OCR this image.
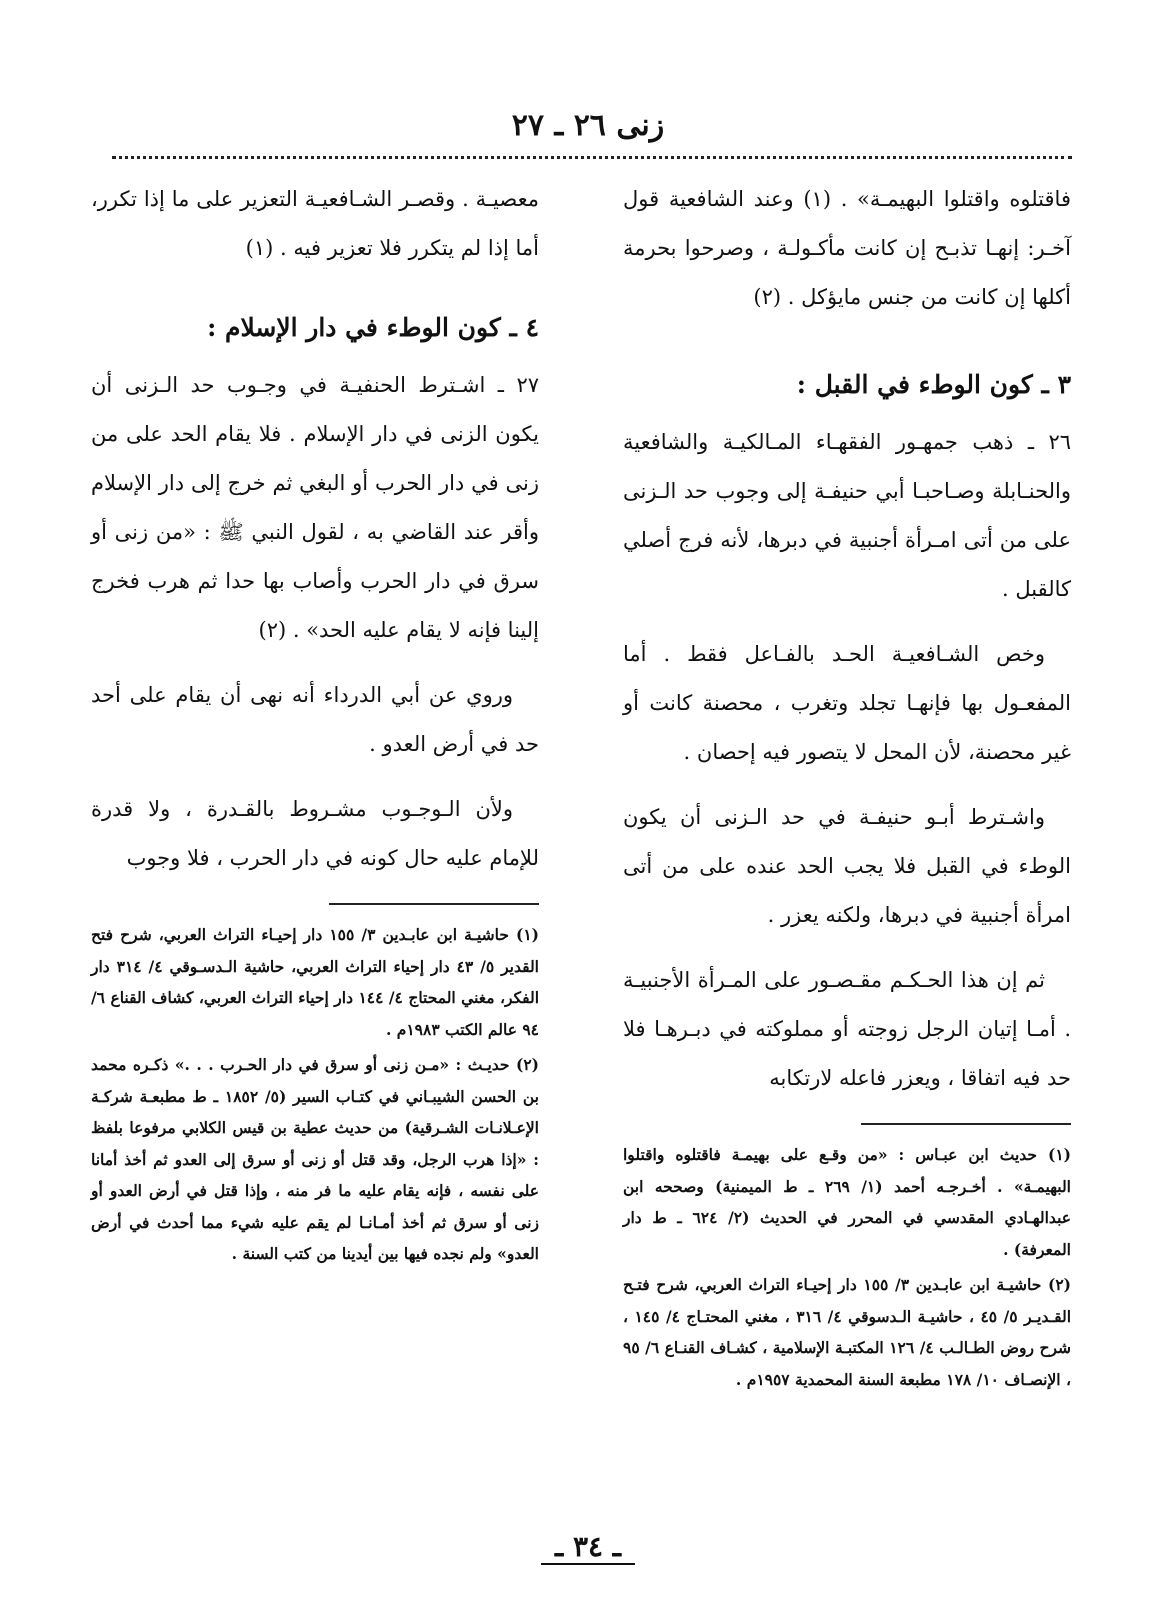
زنى ٢٦ ـ ٢٧

فاقتلوه واقتلوا البهيمـة» . (١) وعند الشافعية قول آخـر: إنهـا تذبـح إن كانت مأكـولـة ، وصرحوا بحرمة أكلها إن كانت من جنس مايؤكل . (٢)

٣ ـ كون الوطء في القبل :

٢٦ ـ ذهب جمهـور الفقهـاء المـالكيـة والشافعية والحنـابلة وصـاحبـا أبي حنيفـة إلى وجوب حد الـزنى على من أتى امـرأة أجنبية في دبرها، لأنه فرج أصلي كالقبل .

وخص الشـافعيـة الحـد بالفـاعل فقط . أما المفعـول بها فإنهـا تجلد وتغرب ، محصنة كانت أو غير محصنة، لأن المحل لا يتصور فيه إحصان .

واشـترط أبـو حنيفـة في حد الـزنى أن يكون الوطء في القبل فلا يجب الحد عنده على من أتى امرأة أجنبية في دبرها، ولكنه يعزر .

ثم إن هذا الحـكـم مقـصـور على المـرأة الأجنبيـة . أمـا إتيان الرجل زوجته أو مملوكته في دبـرهـا فلا حد فيه اتفاقا ، ويعزر فاعله لارتكابه

(١) حديث ابن عبـاس : «من وقـع على بهيمـة فاقتلوه واقتلوا البهيمـة» . أخـرجـه أحمد (١/ ٢٦٩ ـ ط الميمنية) وصححه ابن عبدالهـادي المقدسي في المحرر في الحديث (٢/ ٦٢٤ ـ ط دار المعرفة) .

(٢) حاشيـة ابن عابـدين ٣/ ١٥٥ دار إحيـاء التراث العربي، شرح فتـح القـديـر ٥/ ٤٥ ، حاشيـة الـدسوقي ٤/ ٣١٦ ، مغني المحتـاج ٤/ ١٤٥ ، شرح روض الطـالـب ٤/ ١٢٦ المكتبـة الإسلامية ، كشـاف القنـاع ٦/ ٩٥ ، الإنصـاف ١٠/ ١٧٨ مطبعة السنة المحمدية ١٩٥٧م .

معصيـة . وقصـر الشـافعيـة التعزير على ما إذا تكرر، أما إذا لم يتكرر فلا تعزير فيه . (١)

٤ ـ كون الوطء في دار الإسلام :

٢٧ ـ اشـترط الحنفيـة في وجـوب حد الـزنى أن يكون الزنى في دار الإسلام . فلا يقام الحد على من زنى في دار الحرب أو البغي ثم خرج إلى دار الإسلام وأقر عند القاضي به ، لقول النبي ﷺ : «من زنى أو سرق في دار الحرب وأصاب بها حدا ثم هرب فخرج إلينا فإنه لا يقام عليه الحد» . (٢)

وروي عن أبي الدرداء أنه نهى أن يقام على أحد حد في أرض العدو .

ولأن الـوجـوب مشـروط بالقـدرة ، ولا قدرة للإمام عليه حال كونه في دار الحرب ، فلا وجوب

(١) حاشيـة ابن عابـدين ٣/ ١٥٥ دار إحيـاء التراث العربي، شرح فتح القدير ٥/ ٤٣ دار إحياء التراث العربي، حاشية الـدسـوقي ٤/ ٣١٤ دار الفكر، مغني المحتاج ٤/ ١٤٤ دار إحياء التراث العربي، كشاف القناع ٦/ ٩٤ عالم الكتب ١٩٨٣م .

(٢) حديـث : «مـن زنى أو سرق في دار الحـرب . . .» ذكـره محمد بن الحسن الشيبـاني في كتـاب السير (٥/ ١٨٥٢ ـ ط مطبعـة شركـة الإعـلانـات الشـرقية) من حديث عطية بن قيس الكلابي مرفوعا بلفظ : «إذا هرب الرجل، وقد قتل أو زنى أو سرق إلى العدو ثم أخذ أمانا على نفسه ، فإنه يقام عليه ما فر منه ، وإذا قتل في أرض العدو أو زنى أو سرق ثم أخذ أمـانـا لم يقم عليه شيء مما أحدث في أرض العدو» ولم نجده فيها بين أيدينا من كتب السنة .

ـ ٣٤ ـ
